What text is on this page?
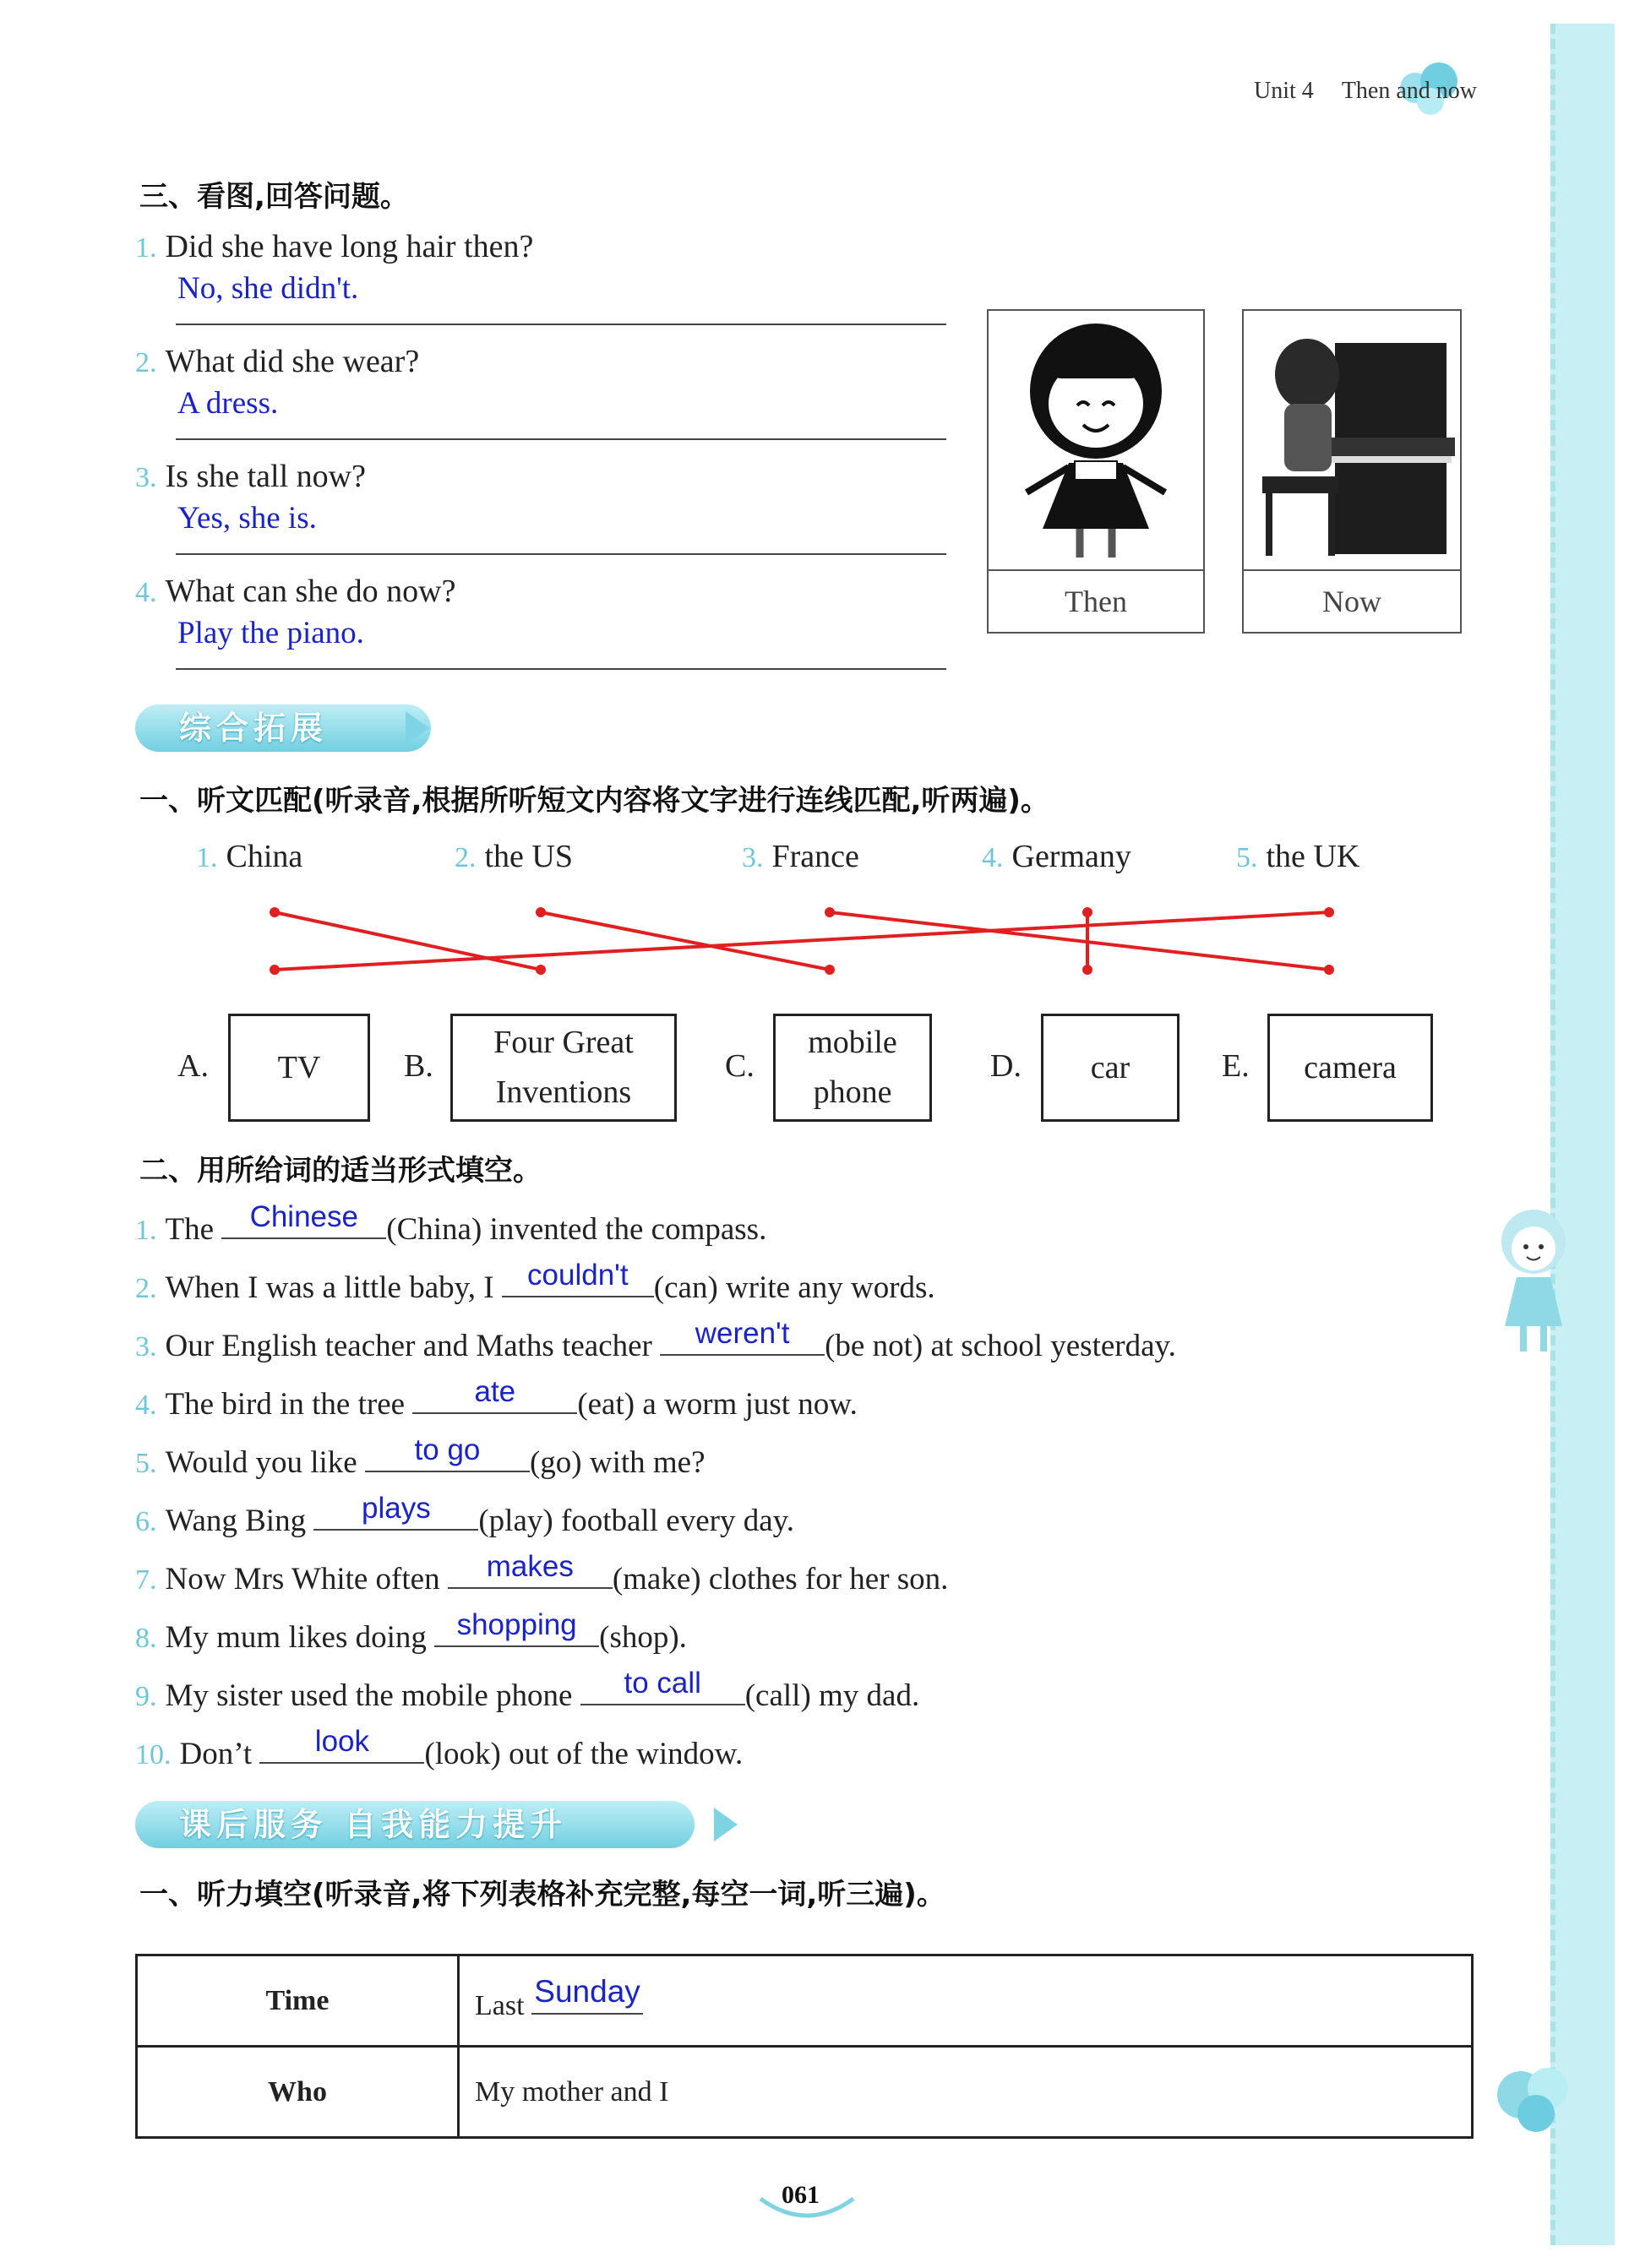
Unit 4 Then and now
三、看图,回答问题。
1. Did she have long hair then?
No, she didn't.
2. What did she wear?
A dress.
3. Is she tall now?
Yes, she is.
4. What can she do now?
Play the piano.
Then	Now
综合拓展
一、听文匹配(听录音,根据所听短文内容将文字进行连线匹配,听两遍)。
1. China	2. the US	3. France	4. Germany	5. the UK
A.	TV	B.
Four Great Inventions
C.
mobile phone
D.	car	E.	camera
二、用所给词的适当形式填空。
1. The	Chinese (China) invented the compass.
2. When I was a little baby, I	couldn't (can) write any words.
3. Our English teacher and Maths teacher	weren't	(be not) at school yesterday.
4. The bird in the tree	ate	(eat) a worm just now.
5. Would you like	to go	(go) with me?
6. Wang Bing	plays	(play) football every day.
7. Now Mrs White often	makes	(make) clothes for her son.
8. My mum likes doing	shopping (shop).
9. My sister used the mobile phone	to call	(call) my dad.
10. Don’t	look	(look) out of the window.
课后服务 自我能力提升
一、听力填空(听录音,将下列表格补充完整,每空一词,听三遍)。
Time	Last Sunday

Who	My mother and I
061
